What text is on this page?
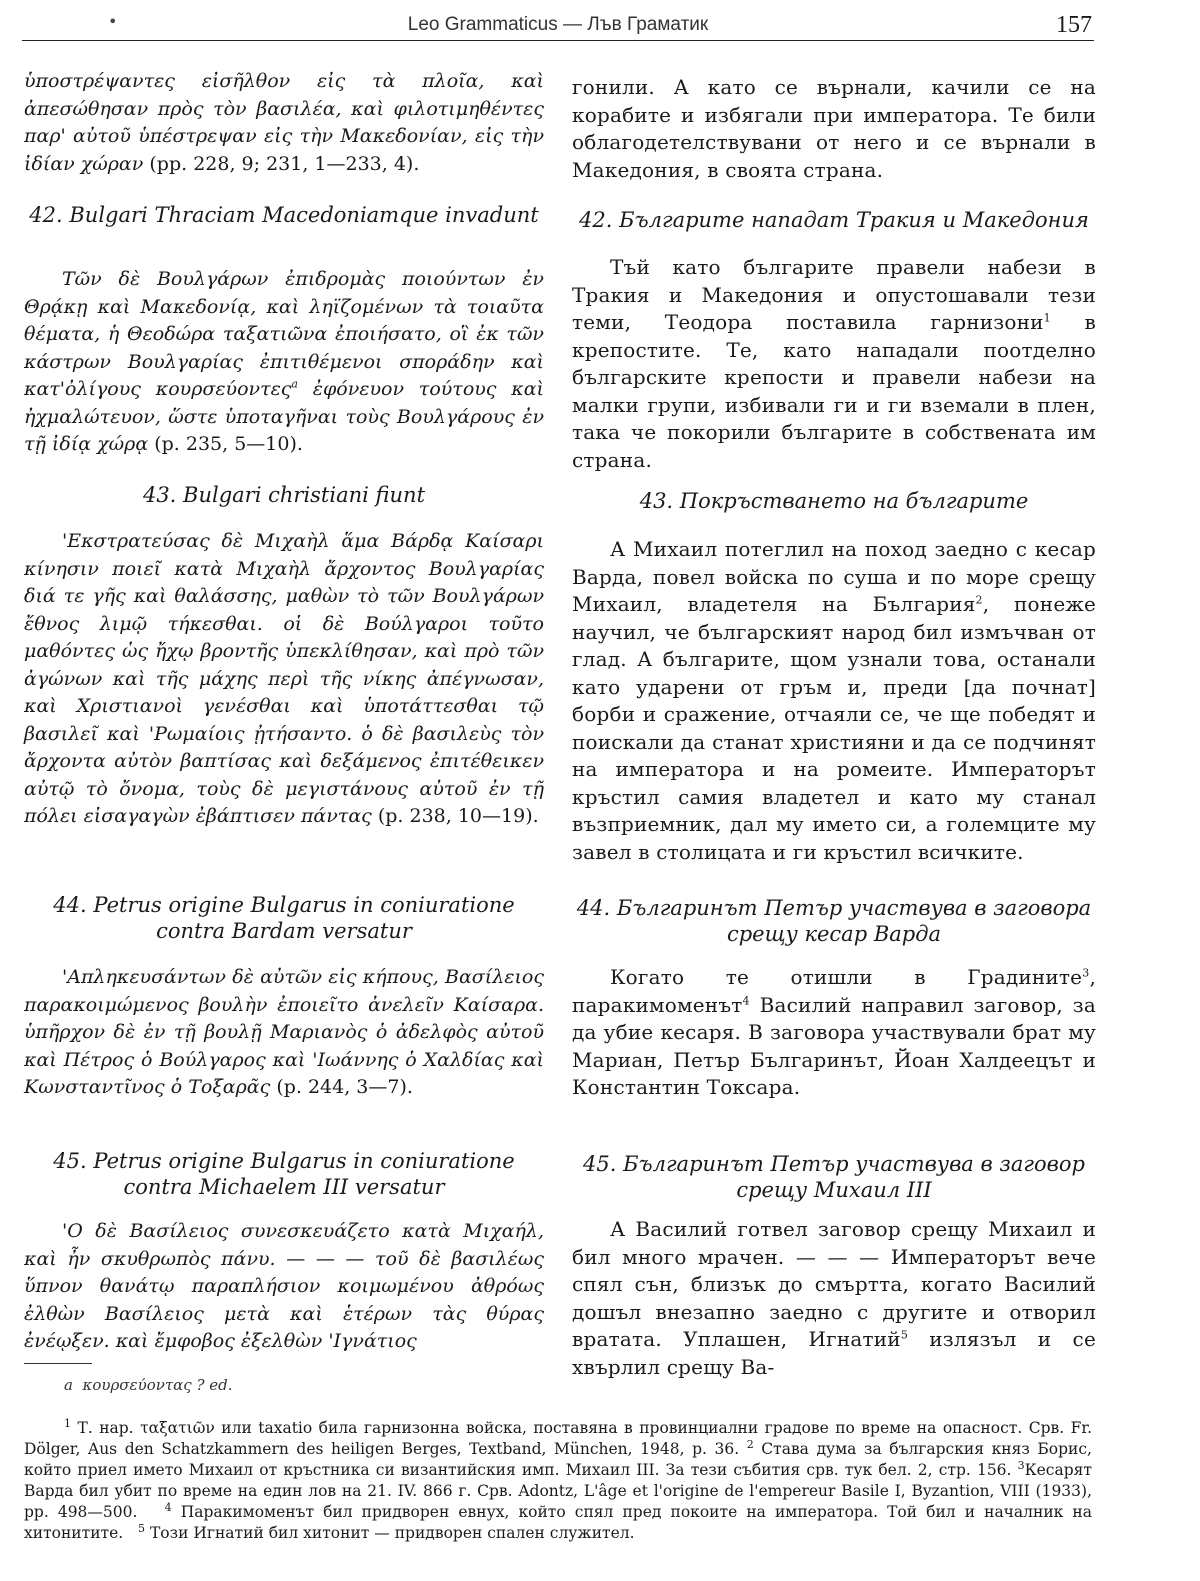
•	Leo Grammaticus — Лъв Граматик	157

ὑποστρέψαντες εἰσῆλθον εἰς τὰ πλοῖα, καὶ ἀπεσώθησαν πρὸς τὸν βασιλέα, καὶ φιλοτιμηθέντες παρ' αὐτοῦ ὑπέστρεψαν εἰς τὴν Μακεδονίαν, εἰς τὴν ἰδίαν χώραν (pp. 228, 9; 231, 1—233, 4).

гонили. А като се върнали, качили се на корабите и избягали при императора. Те били облагодетелствувани от него и се върнали в Македония, в своята страна.

42. Bulgari Thraciam Macedoniamque invadunt	42. Българите нападат Тракия и Македония

Τῶν δὲ Βουλγάρων ἐπιδρομὰς ποιούντων ἐν Θρᾴκῃ καὶ Μακεδονίᾳ, καὶ ληϊζομένων τὰ τοιαῦτα θέματα, ἡ Θεοδώρα ταξατιῶνα ἐποιήσατο, οἳ ἐκ τῶν κάστρων Βουλγαρίας ἐπιτιθέμενοι σποράδην καὶ κατ'ὀλίγους κουρσεύοντες$^a$ ἐφόνευον τούτους καὶ ἠχμαλώτευον, ὥστε ὑποταγῆναι τοὺς Βουλγάρους ἐν τῇ ἰδίᾳ χώρᾳ (p. 235, 5—10).

Тъй като българите правели набези в Тракия и Македония и опустошавали тези теми, Теодора поставила гарнизони$^1$ в крепостите. Те, като нападали поотделно българските крепости и правели набези на малки групи, избивали ги и ги вземали в плен, така че покорили българите в собствената им страна.

43. Bulgari christiani fiunt	43. Покръстването на българите

'Εκστρατεύσας δὲ Μιχαὴλ ἅμα Βάρδᾳ Καίσαρι κίνησιν ποιεῖ κατὰ Μιχαὴλ ἄρχοντος Βουλγαρίας διά τε γῆς καὶ θαλάσσης, μαθὼν τὸ τῶν Βουλγάρων ἔθνος λιμῷ τήκεσθαι. οἱ δὲ Βούλγαροι τοῦτο μαθόντες ὡς ἤχῳ βροντῆς ὑπεκλίθησαν, καὶ πρὸ τῶν ἀγώνων καὶ τῆς μάχης περὶ τῆς νίκης ἀπέγνωσαν, καὶ Χριστιανοὶ γενέσθαι καὶ ὑποτάττεσθαι τῷ βασιλεῖ καὶ 'Ρωμαίοις ᾐτήσαντο. ὁ δὲ βασιλεὺς τὸν ἄρχοντα αὐτὸν βαπτίσας καὶ δεξάμενος ἐπιτέθεικεν αὐτῷ τὸ ὄνομα, τοὺς δὲ μεγιστάνους αὐτοῦ ἐν τῇ πόλει εἰσαγαγὼν ἐβάπτισεν πάντας (p. 238, 10—19).

А Михаил потеглил на поход заедно с кесар Варда, повел войска по суша и по море срещу Михаил, владетеля на България$^2$, понеже научил, че българският народ бил измъчван от глад. А българите, щом узнали това, останали като ударени от гръм и, преди [да почнат] борби и сражение, отчаяли се, че ще победят и поискали да станат християни и да се подчинят на императора и на ромеите. Императорът кръстил самия владетел и като му станал възприемник, дал му името си, а големците му завел в столицата и ги кръстил всичките.

44. Petrus origine Bulgarus in coniuratione contra Bardam versatur

44. Българинът Петър участвува в заговора срещу кесар Варда

'Απληκευσάντων δὲ αὐτῶν εἰς κήπους, Βασίλειος παρακοιμώμενος βουλὴν ἐποιεῖτο ἀνελεῖν Καίσαρα. ὑπῆρχον δὲ ἐν τῇ βουλῇ Μαριανὸς ὁ ἀδελφὸς αὐτοῦ καὶ Πέτρος ὁ Βούλγαρος καὶ 'Ιωάννης ὁ Χαλδίας καὶ Κωνσταντῖνος ὁ Τοξαρᾶς (p. 244, 3—7).

Когато те отишли в Градините$^3$, паракимоменът$^4$ Василий направил заговор, за да убие кесаря. В заговора участвували брат му Мариан, Петър Българинът, Йоан Халдеецът и Константин Токсара.

45. Petrus origine Bulgarus in coniuratione contra Michaelem III versatur

45. Българинът Петър участвува в заговор срещу Михаил III

'Ο δὲ Βασίλειος συνεσκευάζετο κατὰ Μιχαήλ, καὶ ἦν σκυθρωπὸς πάνυ. — — — τοῦ δὲ βασιλέως ὕπνον θανάτῳ παραπλήσιον κοιμωμένου ἀθρόως ἐλθὼν Βασίλειος μετὰ καὶ ἑτέρων τὰς θύρας ἐνέῳξεν. καὶ ἔμφοβος ἐξελθὼν 'Ιγνάτιος

А Василий готвел заговор срещу Михаил и бил много мрачен. — — — Императорът вече спял сън, близък до смъртта, когато Василий дошъл внезапно заедно с другите и отворил вратата. Уплашен, Игнатий$^5$ излязъл и се хвърлил срещу Ва-

a κουρσεύοντας ? ed.

$^1$ Т. нар. ταξατιῶν или taxatio била гарнизонна войска, поставяна в провинциални градове по време на опасност. Срв. Fr. Dölger, Aus den Schatzkammern des heiligen Berges, Textband, München, 1948, p. 36. $^2$ Става дума за българския княз Борис, който приел името Михаил от кръстника си византийския имп. Михаил III. За тези събития срв. тук бел. 2, стр. 156. $^3$Кесарят Варда бил убит по време на един лов на 21. IV. 866 г. Срв. Adontz, L'âge et l'origine de l'empereur Basile I, Byzantion, VIII (1933), pp. 498—500. $^4$ Паракимоменът бил придворен евнух, който спял пред покоите на императора. Той бил и началник на хитонитите. $^5$ Този Игнатий бил хитонит — придворен спален служител.
